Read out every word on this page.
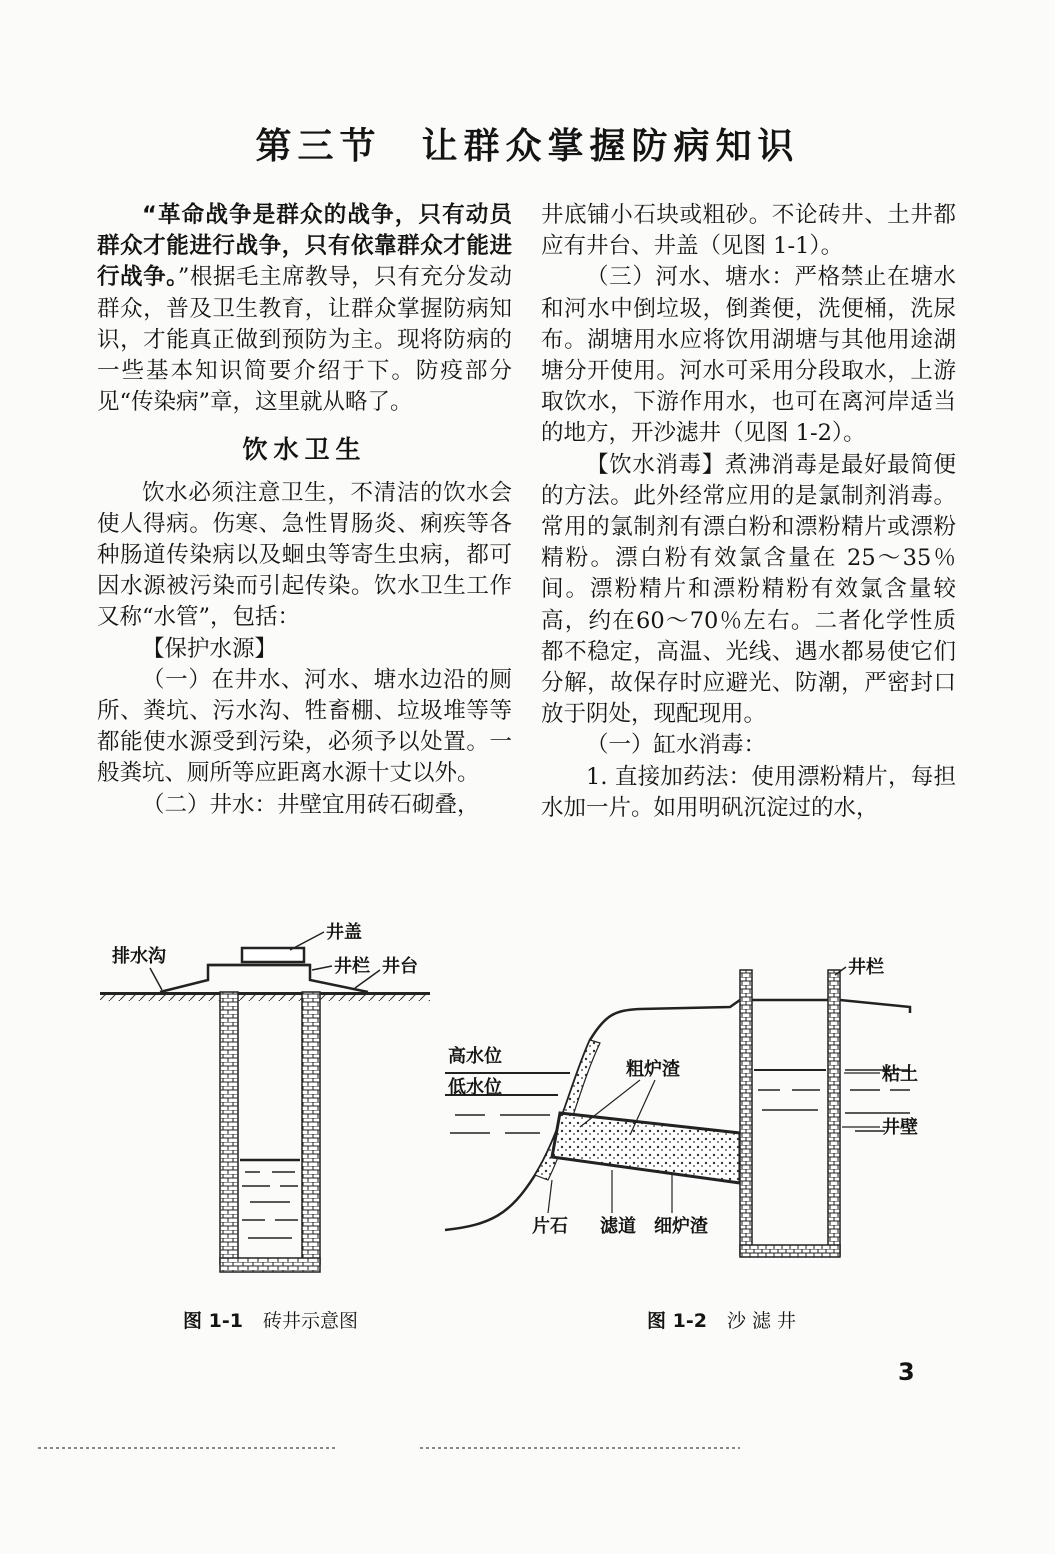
第三节 让群众掌握防病知识

“革命战争是群众的战争，只有动员群众才能进行战争，只有依靠群众才能进行战争。”根据毛主席教导，只有充分发动群众，普及卫生教育，让群众掌握防病知识，才能真正做到预防为主。现将防病的一些基本知识简要介绍于下。防疫部分见“传染病”章，这里就从略了。

饮水卫生

饮水必须注意卫生，不清洁的饮水会使人得病。伤寒、急性胃肠炎、痢疾等各种肠道传染病以及蛔虫等寄生虫病，都可因水源被污染而引起传染。饮水卫生工作又称“水管”，包括：

【保护水源】

（一）在井水、河水、塘水边沿的厕所、粪坑、污水沟、牲畜棚、垃圾堆等等都能使水源受到污染，必须予以处置。一般粪坑、厕所等应距离水源十丈以外。

（二）井水：井壁宜用砖石砌叠，

井底铺小石块或粗砂。不论砖井、土井都应有井台、井盖（见图 1-1）。

（三）河水、塘水：严格禁止在塘水和河水中倒垃圾，倒粪便，洗便桶，洗尿布。湖塘用水应将饮用湖塘与其他用途湖塘分开使用。河水可采用分段取水，上游取饮水，下游作用水，也可在离河岸适当的地方，开沙滤井（见图 1-2）。

【饮水消毒】煮沸消毒是最好最简便的方法。此外经常应用的是氯制剂消毒。常用的氯制剂有漂白粉和漂粉精片或漂粉精粉。漂白粉有效氯含量在 25～35％间。漂粉精片和漂粉精粉有效氯含量较高，约在60～70％左右。二者化学性质都不稳定，高温、光线、遇水都易使它们分解，故保存时应避光、防潮，严密封口放于阴处，现配现用。

（一）缸水消毒：

1. 直接加药法：使用漂粉精片，每担水加一片。如用明矾沉淀过的水，

排水沟
井盖
井栏 井台	井栏
高水位
低水位
粗炉渣	粘土
井壁
片石 滤道 细炉渣
图 1-1 砖井示意图	图 1-2 沙 滤 井
3
